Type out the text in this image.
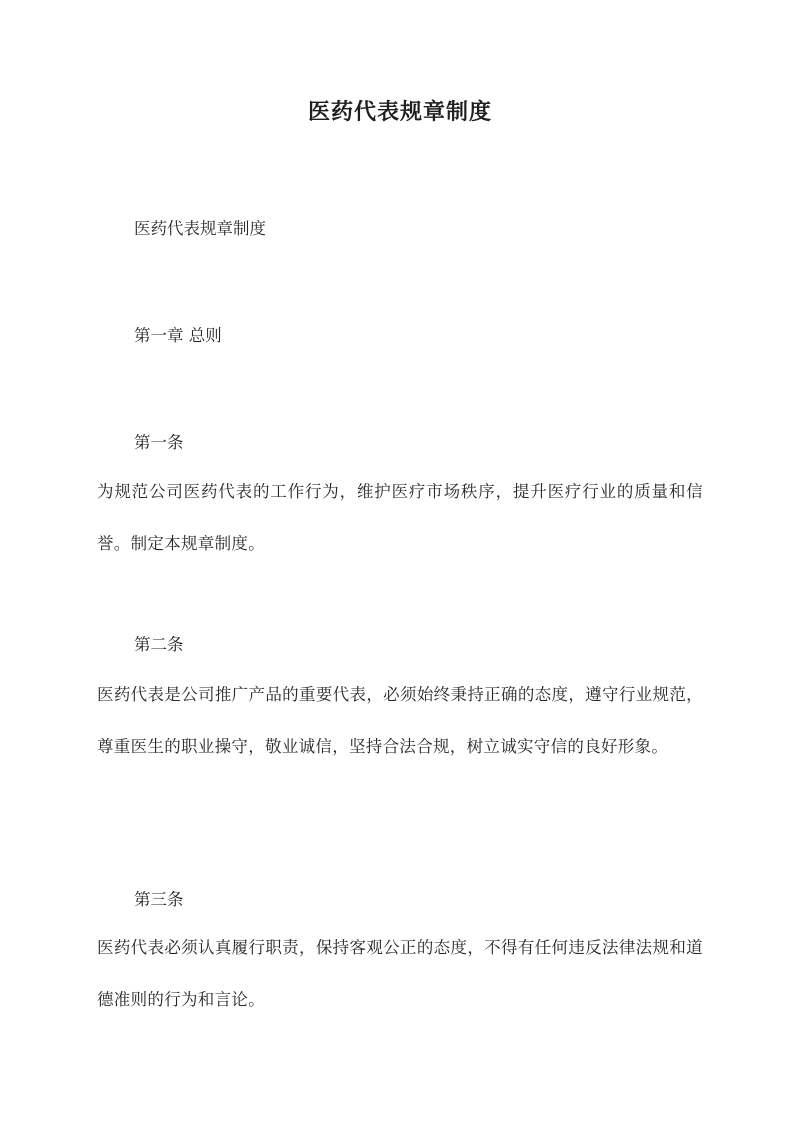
医药代表规章制度
医药代表规章制度
第一章 总则
第一条
为规范公司医药代表的工作行为，维护医疗市场秩序，提升医疗行业的质量和信誉。制定本规章制度。
第二条
医药代表是公司推广产品的重要代表，必须始终秉持正确的态度，遵守行业规范，尊重医生的职业操守，敬业诚信，坚持合法合规，树立诚实守信的良好形象。
第三条
医药代表必须认真履行职责，保持客观公正的态度，不得有任何违反法律法规和道德准则的行为和言论。
